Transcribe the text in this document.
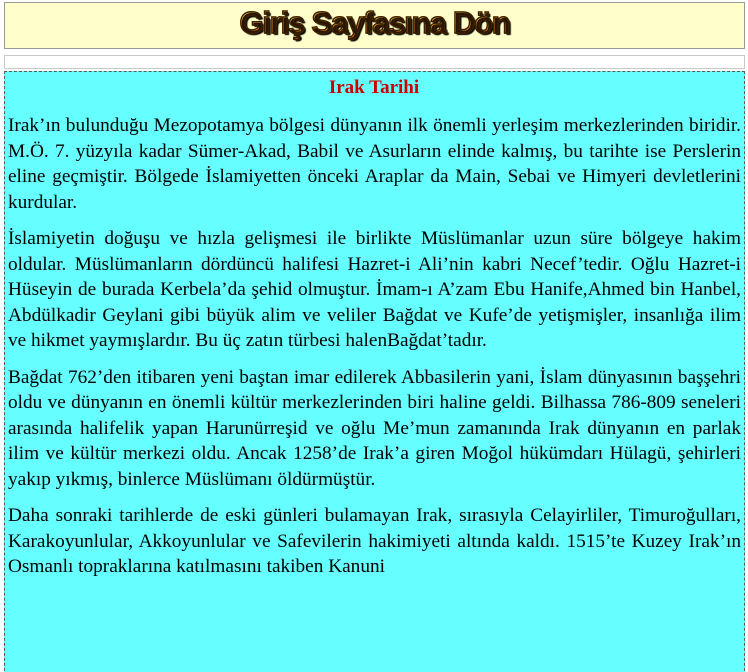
Giriş Sayfasına Dön
Irak Tarihi

Irak’ın bulunduğu Mezopotamya bölgesi dünyanın ilk önemli yerleşim merkezlerinden biridir. M.Ö. 7. yüzyıla kadar Sümer-Akad, Babil ve Asurların elinde kalmış, bu tarihte ise Perslerin eline geçmiştir. Bölgede İslamiyetten önceki Araplar da Main, Sebai ve Himyeri devletlerini kurdular.

İslamiyetin doğuşu ve hızla gelişmesi ile birlikte Müslümanlar uzun süre bölgeye hakim oldular. Müslümanların dördüncü halifesi Hazret-i Ali’nin kabri Necef’tedir. Oğlu Hazret-i Hüseyin de burada Kerbela’da şehid olmuştur. İmam-ı A’zam Ebu Hanife,Ahmed bin Hanbel, Abdülkadir Geylani gibi büyük alim ve veliler Bağdat ve Kufe’de yetişmişler, insanlığa ilim ve hikmet yaymışlardır. Bu üç zatın türbesi halenBağdat’tadır.

Bağdat 762’den itibaren yeni baştan imar edilerek Abbasilerin yani, İslam dünyasının başşehri oldu ve dünyanın en önemli kültür merkezlerinden biri haline geldi. Bilhassa 786-809 seneleri arasında halifelik yapan Harunürreşid ve oğlu Me’mun zamanında Irak dünyanın en parlak ilim ve kültür merkezi oldu. Ancak 1258’de Irak’a giren Moğol hükümdarı Hülagü, şehirleri yakıp yıkmış, binlerce Müslümanı öldürmüştür.

Daha sonraki tarihlerde de eski günleri bulamayan Irak, sırasıyla Celayirliler, Timuroğulları, Karakoyunlular, Akkoyunlular ve Safevilerin hakimiyeti altında kaldı. 1515’te Kuzey Irak’ın Osmanlı topraklarına katılmasını takiben Kanuni
